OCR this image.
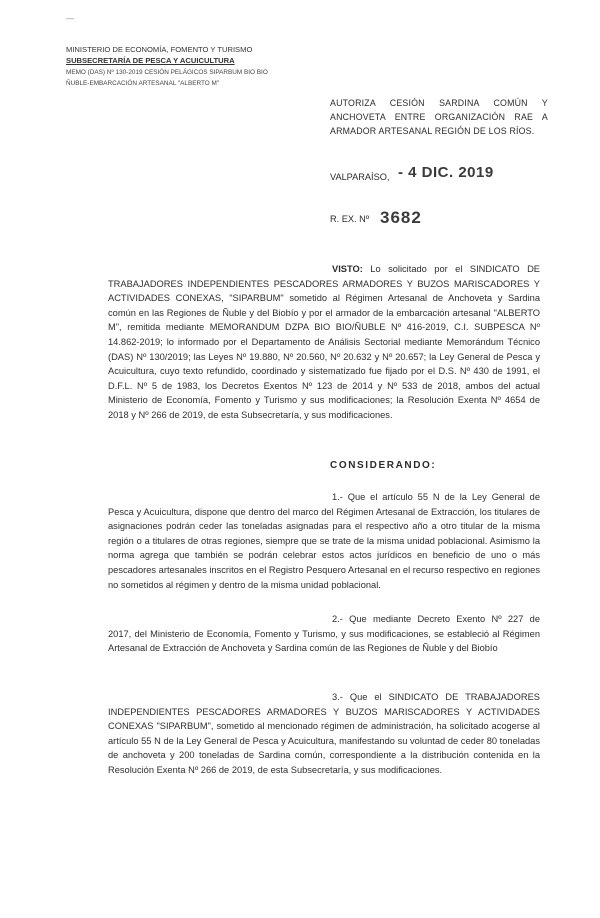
—
MINISTERIO DE ECONOMÍA, FOMENTO Y TURISMO
SUBSECRETARÍA DE PESCA Y ACUICULTURA
MEMO (DAS) Nº 130-2019 CESIÓN PELÁGICOS SIPARBUM BIO BIO
ÑUBLE-EMBARCACIÓN ARTESANAL "ALBERTO M"
AUTORIZA CESIÓN SARDINA COMÚN Y ANCHOVETA ENTRE ORGANIZACIÓN RAE A ARMADOR ARTESANAL REGIÓN DE LOS RÍOS.
VALPARAÍSO, - 4 DIC. 2019
R. EX. Nº 3682
VISTO: Lo solicitado por el SINDICATO DE TRABAJADORES INDEPENDIENTES PESCADORES ARMADORES Y BUZOS MARISCADORES Y ACTIVIDADES CONEXAS, "SIPARBUM" sometido al Régimen Artesanal de Anchoveta y Sardina común en las Regiones de Ñuble y del Biobío y por el armador de la embarcación artesanal "ALBERTO M", remitida mediante MEMORANDUM DZPA BIO BIO/ÑUBLE Nº 416-2019, C.I. SUBPESCA Nº 14.862-2019; lo informado por el Departamento de Análisis Sectorial mediante Memorándum Técnico (DAS) Nº 130/2019; las Leyes Nº 19.880, Nº 20.560, Nº 20.632 y Nº 20.657; la Ley General de Pesca y Acuicultura, cuyo texto refundido, coordinado y sistematizado fue fijado por el D.S. Nº 430 de 1991, el D.F.L. Nº 5 de 1983, los Decretos Exentos Nº 123 de 2014 y Nº 533 de 2018, ambos del actual Ministerio de Economía, Fomento y Turismo y sus modificaciones; la Resolución Exenta Nº 4654 de 2018 y Nº 266 de 2019, de esta Subsecretaría, y sus modificaciones.
CONSIDERANDO:
1.- Que el artículo 55 N de la Ley General de Pesca y Acuicultura, dispone que dentro del marco del Régimen Artesanal de Extracción, los titulares de asignaciones podrán ceder las toneladas asignadas para el respectivo año a otro titular de la misma región o a titulares de otras regiones, siempre que se trate de la misma unidad poblacional. Asimismo la norma agrega que también se podrán celebrar estos actos jurídicos en beneficio de uno o más pescadores artesanales inscritos en el Registro Pesquero Artesanal en el recurso respectivo en regiones no sometidos al régimen y dentro de la misma unidad poblacional.
2.- Que mediante Decreto Exento Nº 227 de 2017, del Ministerio de Economía, Fomento y Turismo, y sus modificaciones, se estableció al Régimen Artesanal de Extracción de Anchoveta y Sardina común de las Regiones de Ñuble y del Biobío
3.- Que el SINDICATO DE TRABAJADORES INDEPENDIENTES PESCADORES ARMADORES Y BUZOS MARISCADORES Y ACTIVIDADES CONEXAS "SIPARBUM", sometido al mencionado régimen de administración, ha solicitado acogerse al artículo 55 N de la Ley General de Pesca y Acuicultura, manifestando su voluntad de ceder 80 toneladas de anchoveta y 200 toneladas de Sardina común, correspondiente a la distribución contenida en la Resolución Exenta Nº 266 de 2019, de esta Subsecretaría, y sus modificaciones.
